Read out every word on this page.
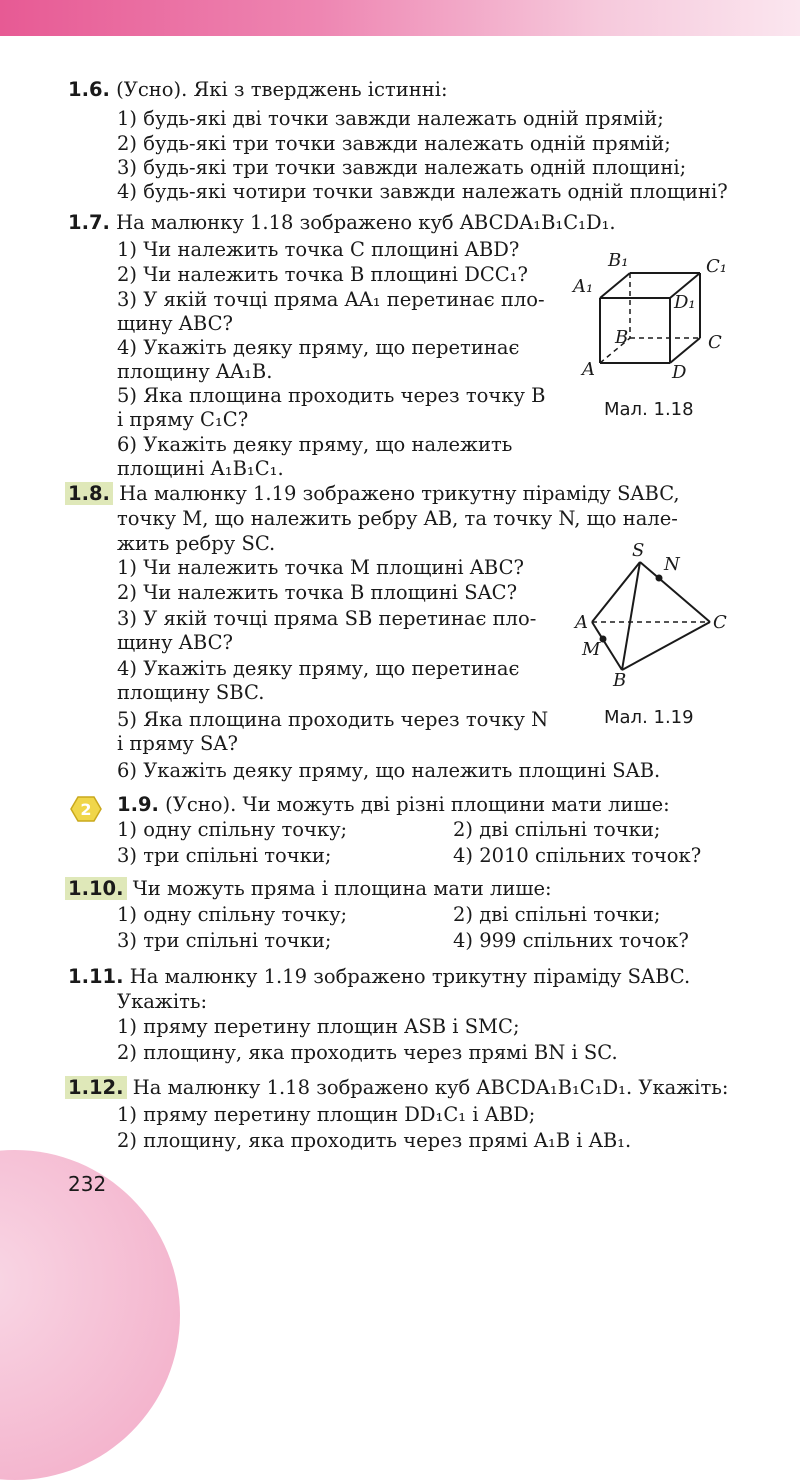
1.6. (Усно). Які з тверджень істинні:
1) будь-які дві точки завжди належать одній прямій;
2) будь-які три точки завжди належать одній прямій;
3) будь-які три точки завжди належать одній площині;
4) будь-які чотири точки завжди належать одній площині?
1.7. На малюнку 1.18 зображено куб ABCDA₁B₁C₁D₁.
1) Чи належить точка C площині ABD?
2) Чи належить точка B площині DCC₁?
3) У якій точці пряма AA₁ перетинає пло-
щину ABC?
4) Укажіть деяку пряму, що перетинає
площину AA₁B.
5) Яка площина проходить через точку B
і пряму C₁C?
6) Укажіть деяку пряму, що належить
площині A₁B₁C₁.
B₁	C₁
A₁
D₁
B	C
A	D
Мал. 1.18
1.8. На малюнку 1.19 зображено трикутну піраміду SABC,
точку M, що належить ребру AB, та точку N, що нале-
жить ребру SC.
1) Чи належить точка M площині ABC?
2) Чи належить точка B площині SAC?
3) У якій точці пряма SB перетинає пло-
щину ABC?
4) Укажіть деяку пряму, що перетинає
площину SBC.
5) Яка площина проходить через точку N
і пряму SA?
6) Укажіть деяку пряму, що належить площині SAB.
S
N
A	C
M
B
Мал. 1.19
2 1.9. (Усно). Чи можуть дві різні площини мати лише:
1) одну спільну точку;	2) дві спільні точки;
3) три спільні точки;	4) 2010 спільних точок?
1.10. Чи можуть пряма і площина мати лише:
1) одну спільну точку;	2) дві спільні точки;
3) три спільні точки;	4) 999 спільних точок?
1.11. На малюнку 1.19 зображено трикутну піраміду SABC.
Укажіть:
1) пряму перетину площин ASB і SMC;
2) площину, яка проходить через прямі BN і SC.
1.12. На малюнку 1.18 зображено куб ABCDA₁B₁C₁D₁. Укажіть:
1) пряму перетину площин DD₁C₁ і ABD;
2) площину, яка проходить через прямі A₁B і AB₁.
232
